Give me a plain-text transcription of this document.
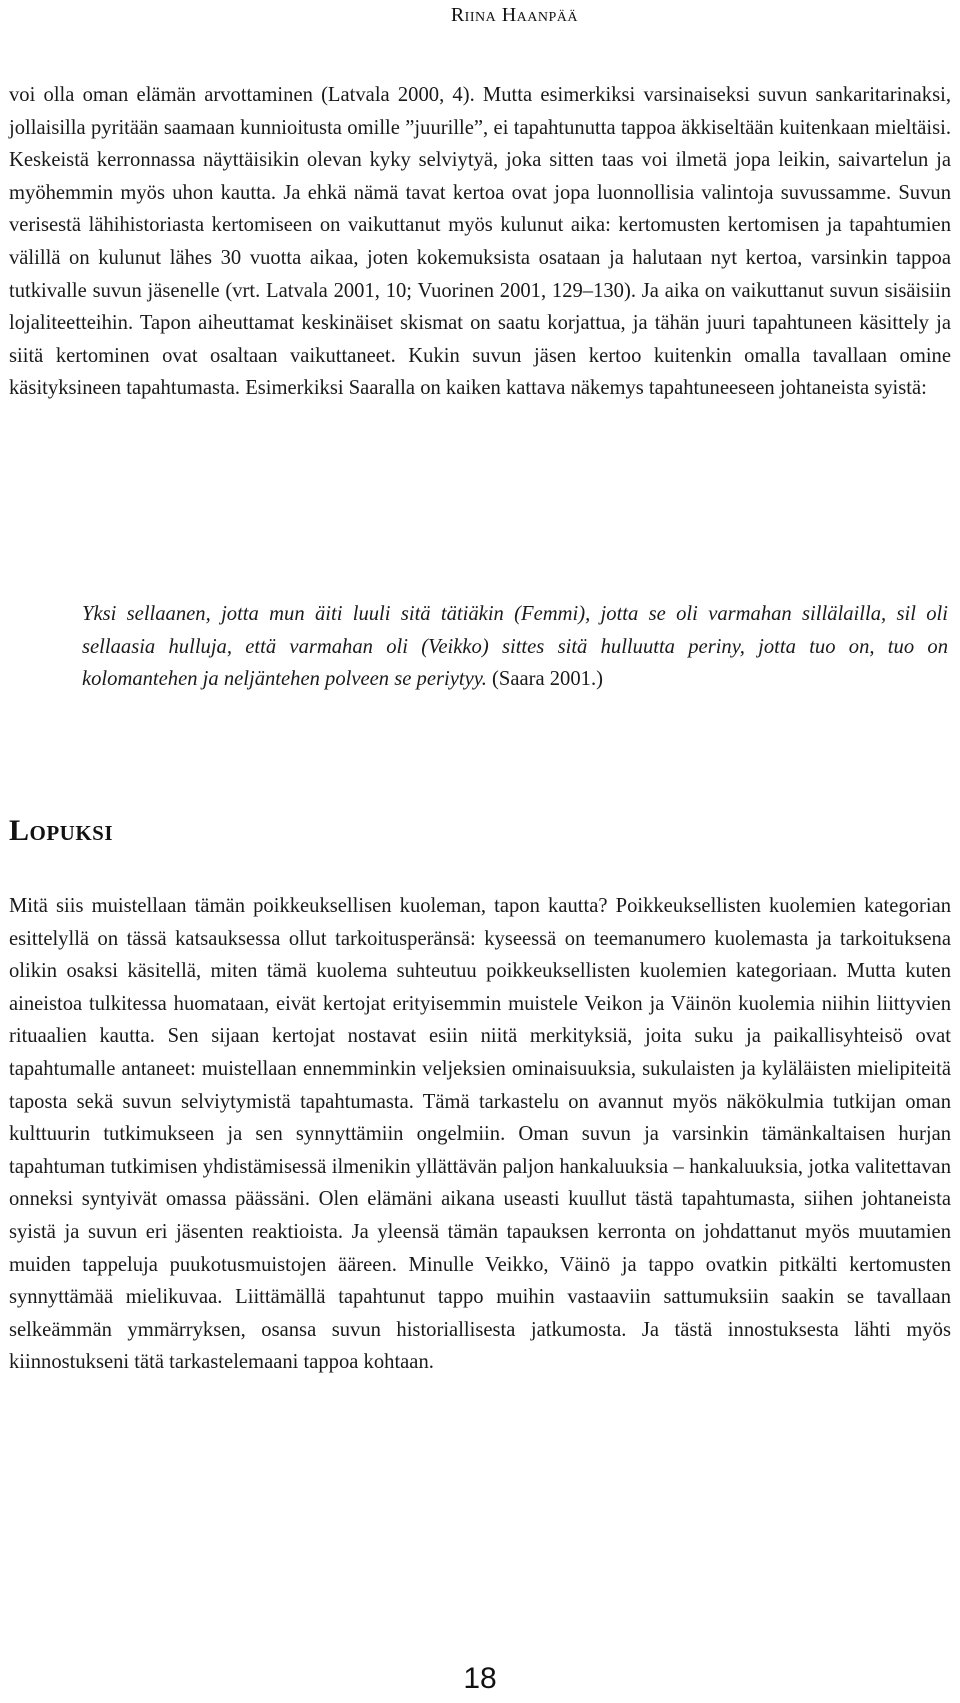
Riina Haanpää
voi olla oman elämän arvottaminen (Latvala 2000, 4). Mutta esimerkiksi varsinaiseksi suvun sankaritarinaksi, jollaisilla pyritään saamaan kunnioitusta omille ”juurille”, ei tapahtunutta tappoa äkkiseltään kuitenkaan mieltäisi. Keskeistä kerronnassa näyttäisikin olevan kyky selviytyä, joka sitten taas voi ilmetä jopa leikin, saivartelun ja myöhemmin myös uhon kautta. Ja ehkä nämä tavat kertoa ovat jopa luonnollisia valintoja suvussamme. Suvun verisestä lähihistoriasta kertomiseen on vaikuttanut myös kulunut aika: kertomusten kertomisen ja tapahtumien välillä on kulunut lähes 30 vuotta aikaa, joten kokemuksista osataan ja halutaan nyt kertoa, varsinkin tappoa tutkivalle suvun jäsenelle (vrt. Latvala 2001, 10; Vuorinen 2001, 129–130). Ja aika on vaikuttanut suvun sisäisiin lojaliteetteihin. Tapon aiheuttamat keskinäiset skismat on saatu korjattua, ja tähän juuri tapahtuneen käsittely ja siitä kertominen ovat osaltaan vaikuttaneet. Kukin suvun jäsen kertoo kuitenkin omalla tavallaan omine käsityksineen tapahtumasta. Esimerkiksi Saaralla on kaiken kattava näkemys tapahtuneeseen johtaneista syistä:
Yksi sellaanen, jotta mun äiti luuli sitä tätiäkin (Femmi), jotta se oli varmahan sillälailla, sil oli sellaasia hulluja, että varmahan oli (Veikko) sittes sitä hulluutta periny, jotta tuo on, tuo on kolomantehen ja neljäntehen polveen se periytyy. (Saara 2001.)
Lopuksi
Mitä siis muistellaan tämän poikkeuksellisen kuoleman, tapon kautta? Poikkeuksellisten kuolemien kategorian esittelyllä on tässä katsauksessa ollut tarkoitusperänsä: kyseessä on teemanumero kuolemasta ja tarkoituksena olikin osaksi käsitellä, miten tämä kuolema suhteutuu poikkeuksellisten kuolemien kategoriaan. Mutta kuten aineistoa tulkitessa huomataan, eivät kertojat erityisemmin muistele Veikon ja Väinön kuolemia niihin liittyvien rituaalien kautta. Sen sijaan kertojat nostavat esiin niitä merkityksiä, joita suku ja paikallisyhteisö ovat tapahtumalle antaneet: muistellaan ennemminkin veljeksien ominaisuuksia, sukulaisten ja kyläläisten mielipiteitä taposta sekä suvun selviytymistä tapahtumasta. Tämä tarkastelu on avannut myös näkökulmia tutkijan oman kulttuurin tutkimukseen ja sen synnyttämiin ongelmiin. Oman suvun ja varsinkin tämänkaltaisen hurjan tapahtuman tutkimisen yhdistämisessä ilmenikin yllättävän paljon hankaluuksia – hankaluuksia, jotka valitettavan onneksi syntyivät omassa päässäni. Olen elämäni aikana useasti kuullut tästä tapahtumasta, siihen johtaneista syistä ja suvun eri jäsenten reaktioista. Ja yleensä tämän tapauksen kerronta on johdattanut myös muutamien muiden tappeluja puukotusmuistojen ääreen. Minulle Veikko, Väinö ja tappo ovatkin pitkälti kertomusten synnyttämää mielikuvaa. Liittämällä tapahtunut tappo muihin vastaaviin sattumuksiin saakin se tavallaan selkeämmän ymmärryksen, osansa suvun historiallisesta jatkumosta. Ja tästä innostuksesta lähti myös kiinnostukseni tätä tarkastelemaani tappoa kohtaan.
18
